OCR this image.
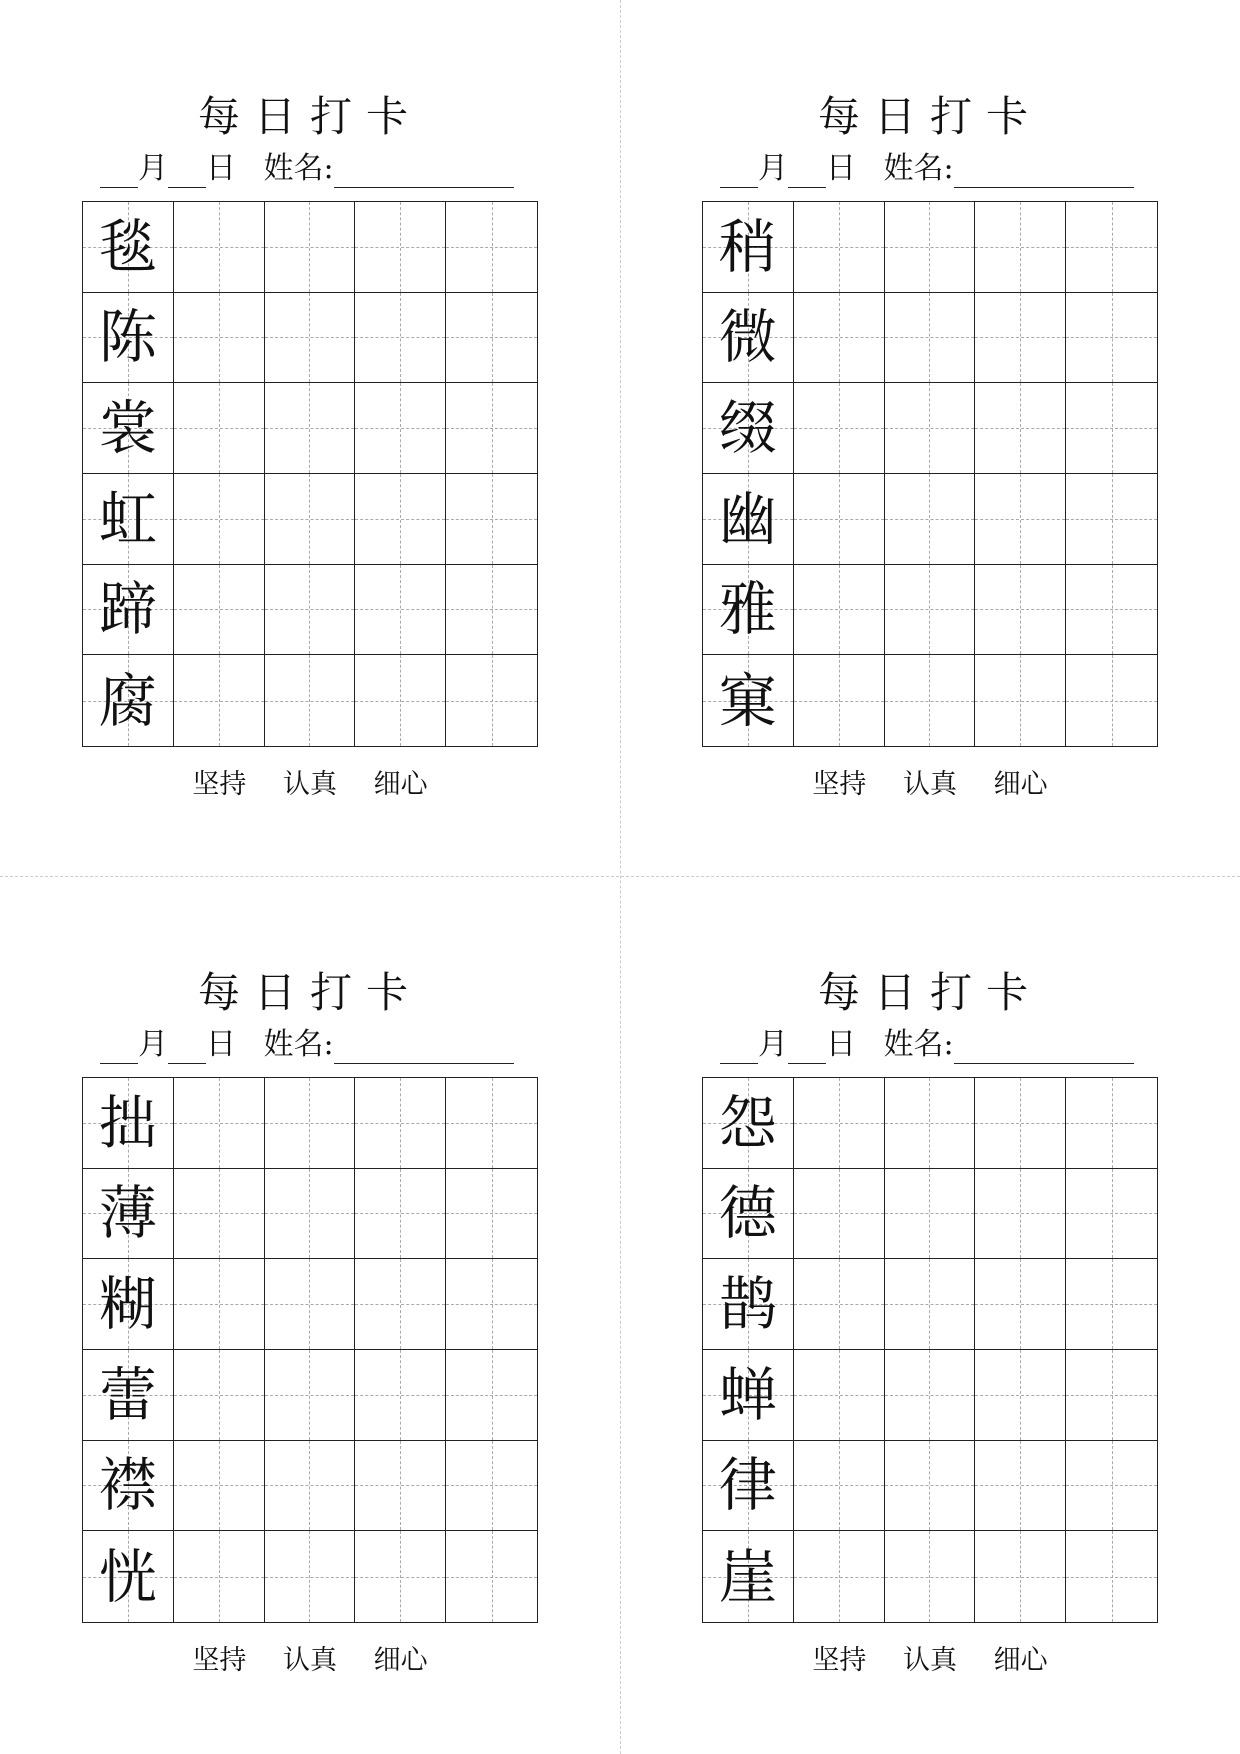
每日打卡
月 日 姓名:
毯
陈
裳
虹
蹄
腐
坚持 认真 细心
每日打卡
月 日 姓名:
稍
微
缀
幽
雅
窠
坚持 认真 细心
每日打卡
月 日 姓名:
拙
薄
糊
蕾
襟
恍
坚持 认真 细心
每日打卡
月 日 姓名:
怨
德
鹊
蝉
律
崖
坚持 认真 细心
